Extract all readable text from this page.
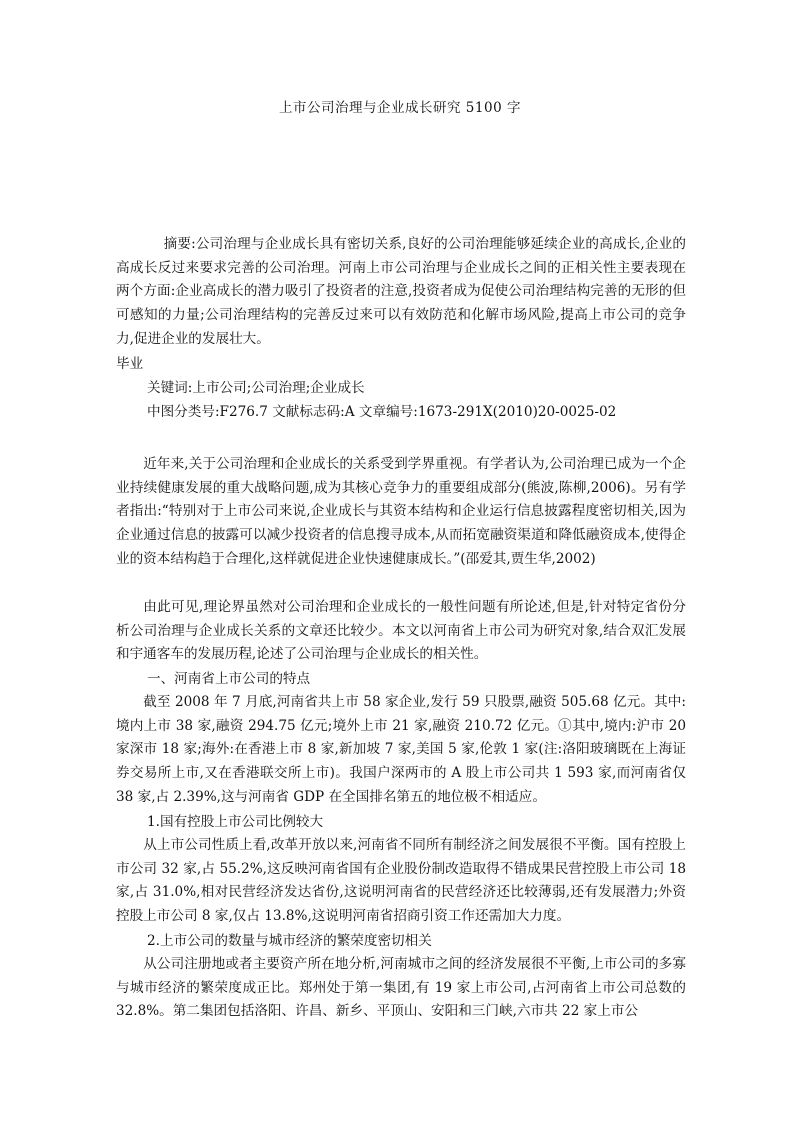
上市公司治理与企业成长研究 5100 字

摘要:公司治理与企业成长具有密切关系,良好的公司治理能够延续企业的高成长,企业的高成长反过来要求完善的公司治理。河南上市公司治理与企业成长之间的正相关性主要表现在两个方面:企业高成长的潜力吸引了投资者的注意,投资者成为促使公司治理结构完善的无形的但可感知的力量;公司治理结构的完善反过来可以有效防范和化解市场风险,提高上市公司的竞争力,促进企业的发展壮大。

毕业

关键词:上市公司;公司治理;企业成长

中图分类号:F276.7 文献标志码:A 文章编号:1673-291X(2010)20-0025-02

近年来,关于公司治理和企业成长的关系受到学界重视。有学者认为,公司治理已成为一个企业持续健康发展的重大战略问题,成为其核心竞争力的重要组成部分(熊波,陈柳,2006)。另有学者指出:“特别对于上市公司来说,企业成长与其资本结构和企业运行信息披露程度密切相关,因为企业通过信息的披露可以减少投资者的信息搜寻成本,从而拓宽融资渠道和降低融资成本,使得企业的资本结构趋于合理化,这样就促进企业快速健康成长。”(邵爱其,贾生华,2002)

由此可见,理论界虽然对公司治理和企业成长的一般性问题有所论述,但是,针对特定省份分析公司治理与企业成长关系的文章还比较少。本文以河南省上市公司为研究对象,结合双汇发展和宇通客车的发展历程,论述了公司治理与企业成长的相关性。

一、河南省上市公司的特点

截至 2008 年 7 月底,河南省共上市 58 家企业,发行 59 只股票,融资 505.68 亿元。其中:境内上市 38 家,融资 294.75 亿元;境外上市 21 家,融资 210.72 亿元。①其中,境内:沪市 20 家深市 18 家;海外:在香港上市 8 家,新加坡 7 家,美国 5 家,伦敦 1 家(注:洛阳玻璃既在上海证券交易所上市,又在香港联交所上市)。我国户深两市的 A 股上市公司共 1 593 家,而河南省仅 38 家,占 2.39%,这与河南省 GDP 在全国排名第五的地位极不相适应。

1.国有控股上市公司比例较大

从上市公司性质上看,改革开放以来,河南省不同所有制经济之间发展很不平衡。国有控股上市公司 32 家,占 55.2%,这反映河南省国有企业股份制改造取得不错成果民营控股上市公司 18 家,占 31.0%,相对民营经济发达省份,这说明河南省的民营经济还比较薄弱,还有发展潜力;外资控股上市公司 8 家,仅占 13.8%,这说明河南省招商引资工作还需加大力度。

2.上市公司的数量与城市经济的繁荣度密切相关

从公司注册地或者主要资产所在地分析,河南城市之间的经济发展很不平衡,上市公司的多寡与城市经济的繁荣度成正比。郑州处于第一集团,有 19 家上市公司,占河南省上市公司总数的 32.8%。第二集团包括洛阳、许昌、新乡、平顶山、安阳和三门峡,六市共 22 家上市公
